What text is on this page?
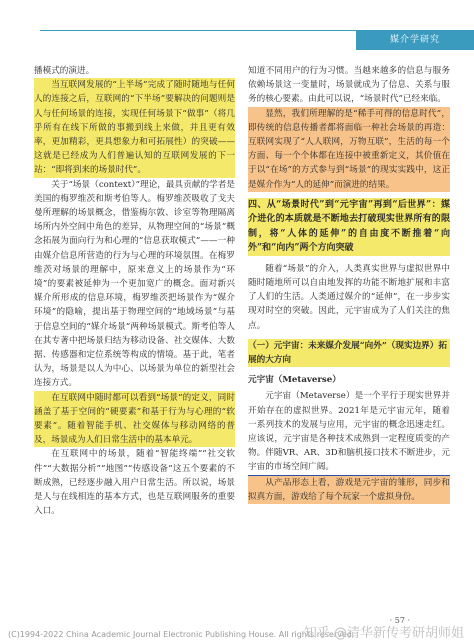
媒介学研究

播模式的演进。

当互联网发展的“上半场”完成了随时随地与任何人的连接之后，互联网的“下半场”要解决的问题则是人与任何场景的连接，实现任何场景下“做事”（将几乎所有在线下所做的事搬到线上来做，并且更有效率，更加精彩，更具想象力和可拓展性）的突破——这就是已经成为人们普遍认知的互联网发展的下一站：“即将到来的场景时代”。

关于“场景（context）”理论，最具贡献的学者是美国的梅罗维茨和斯考伯等人。梅罗维茨吸收了戈夫曼所理解的场景概念，借鉴梅尔敦、诊室等物理隔离场所内外空间中角色的差异，从物理空间的“场景”概念拓展为面向行为和心理的“信息获取模式”——一种由媒介信息所营造的行为与心理的环境氛围。在梅罗维茨对场景的理解中，原来意义上的场景作为“环境”的要素被延伸为一个更加宽广的概念。面对新兴媒介所形成的信息环境，梅罗维茨把场景作为“媒介环境”的隐喻，提出基于物理空间的“地域场景”与基于信息空间的“媒介场景”两种场景模式。斯考伯等人在其专著中把场景归结为移动设备、社交媒体、大数据、传感器和定位系统等构成的情境。基于此，笔者认为，场景是以人为中心、以场景为单位的新型社会连接方式。

在互联网中随时都可以看到“场景”的定义，同时涵盖了基于空间的“硬要素”和基于行为与心理的“软要素”。随着智能手机、社交媒体与移动网络的普及，场景成为人们日常生活中的基本单元。

在互联网中的场景，随着“智能终端”“社交软件”“大数据分析”“地图”“传感设备”这五个要素的不断成熟，已经逐步融入用户日常生活。所以说，场景是人与在线相连的基本方式，也是互联网服务的重要入口。

知道不同用户的行为习惯。当越来越多的信息与服务依赖场景这一变量时，场景就成为了信息、关系与服务的核心要素。由此可以说，“场景时代”已经来临。

显然，我们所理解的是“稀手可得的信息时代”，即传统的信息传播者都将面临一种社会场景的再造：互联网实现了“人人联网，万物互联”，生活的每一个方面、每一个个体都在连接中被重新定义，其价值在于以“在场”的方式参与到“场景”的现实实践中，这正是媒介作为“人的延伸”而演进的结果。

四、从“场景时代”到“元宇宙”再到“后世界”：媒介进化的本质就是不断地去打破现实世界所有的限制，将“人体的延伸”的自由度不断推着“向外”和“向内”两个方向突破

随着“场景”的介入，人类真实世界与虚拟世界中随时随地所可以自由地发挥的功能不断地扩展和丰富了人们的生活。人类通过媒介的“延伸”，在一步步实现对时空的突破。因此，元宇宙成为了人们关注的焦点。

（一）元宇宙：未来媒介发展“向外”（现实边界）拓展的大方向
元宇宙（Metaverse）

元宇宙（Metaverse）是一个平行于现实世界并开始存在的虚拟世界。2021年是元宇宙元年，随着一系列技术的发展与应用，元宇宙的概念迅速走红。应该说，元宇宙是各种技术成熟到一定程度质变的产物。伴随VR、AR、3D和脑机接口技术不断进步，元宇宙的市场空间广阔。

从产品形态上看，游戏是元宇宙的雏形，同步和拟真方面，游戏给了每个玩家一个虚拟身份。

· 57 ·
(C)1994-2022 China Academic Journal Electronic Publishing House. All rights reserved.
知乎 @清华新传考研胡师姐
